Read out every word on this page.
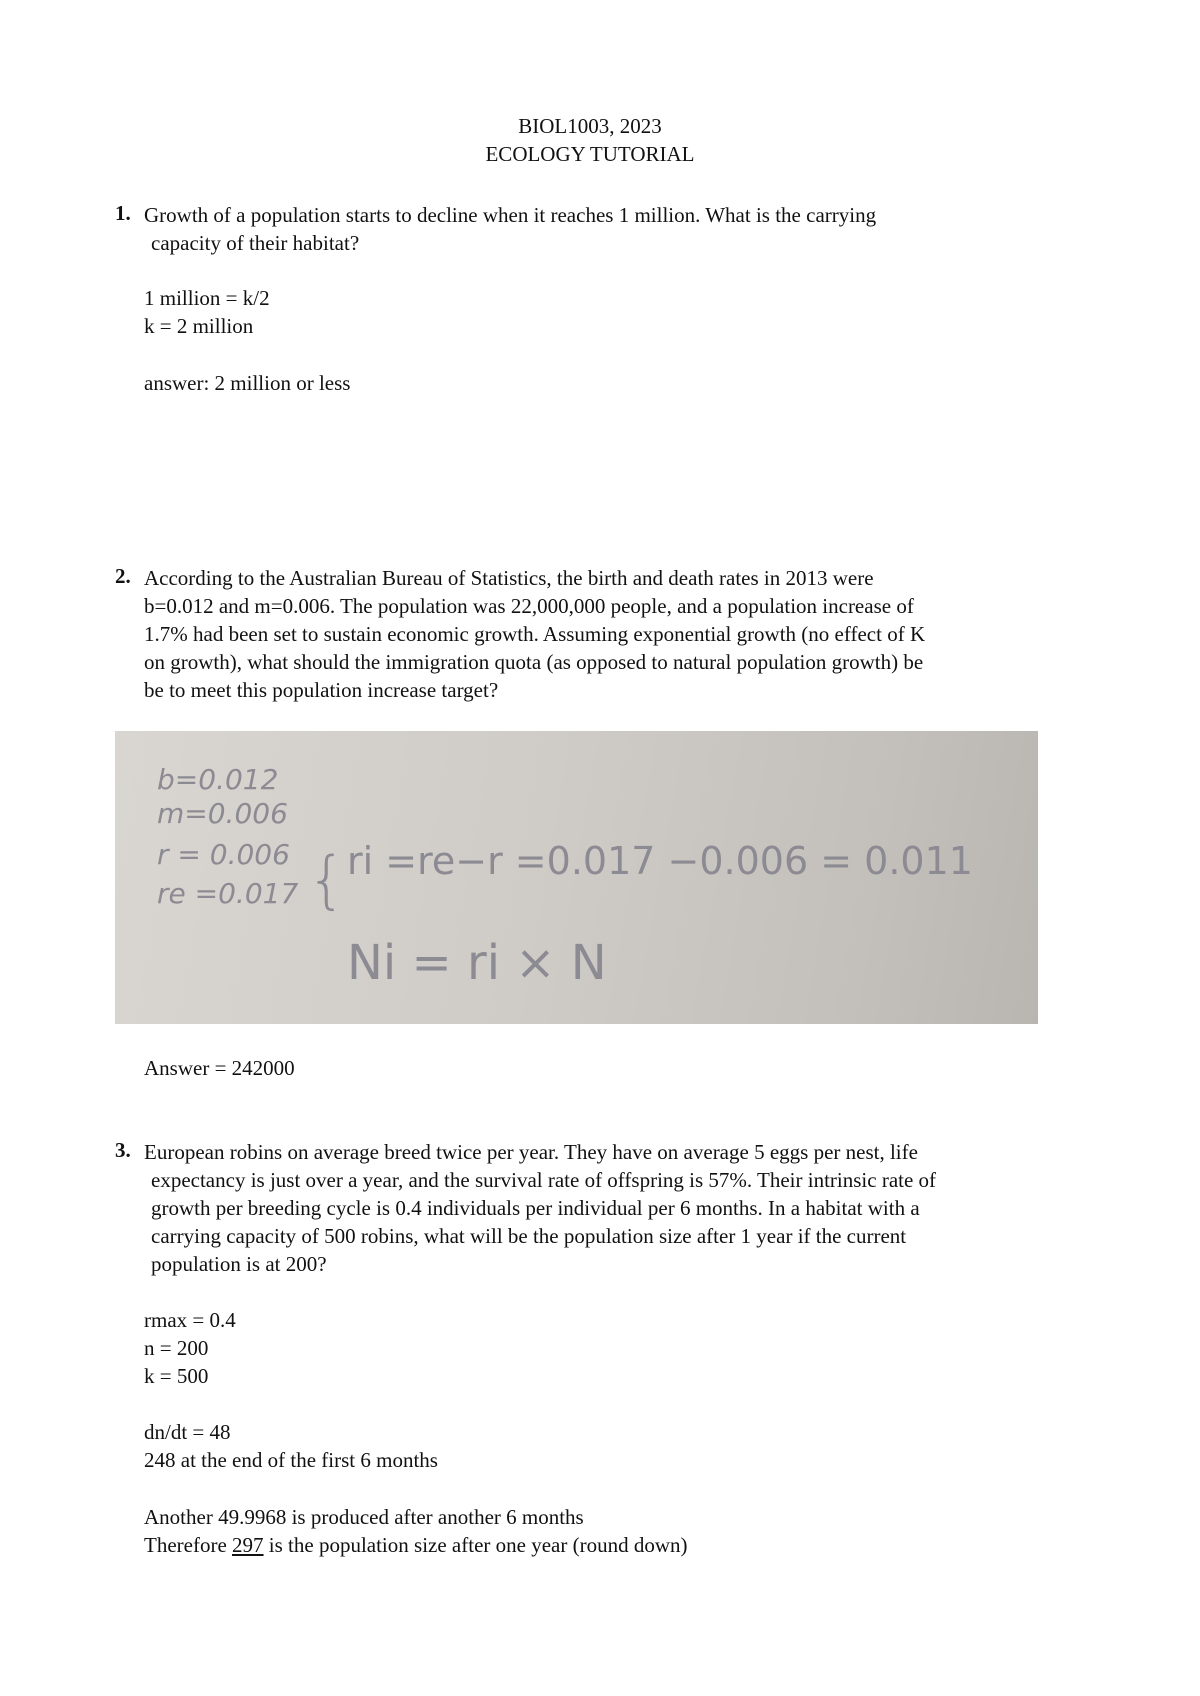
BIOL1003, 2023
ECOLOGY TUTORIAL
1. Growth of a population starts to decline when it reaches 1 million. What is the carrying
capacity of their habitat?
1 million = k/2
k = 2 million
answer: 2 million or less
2. According to the Australian Bureau of Statistics, the birth and death rates in 2013 were
b=0.012 and m=0.006. The population was 22,000,000 people, and a population increase of
1.7% had been set to sustain economic growth. Assuming exponential growth (no effect of K
on growth), what should the immigration quota (as opposed to natural population growth) be
be to meet this population increase target?
b=0.012
m=0.006
r = 0.006
re =0.017 { ri =re−r =0.017 −0.006 = 0.011
Ni = ri × N
Answer = 242000
3. European robins on average breed twice per year. They have on average 5 eggs per nest, life
expectancy is just over a year, and the survival rate of offspring is 57%. Their intrinsic rate of
growth per breeding cycle is 0.4 individuals per individual per 6 months. In a habitat with a
carrying capacity of 500 robins, what will be the population size after 1 year if the current
population is at 200?
rmax = 0.4
n = 200
k = 500
dn/dt = 48
248 at the end of the first 6 months
Another 49.9968 is produced after another 6 months
Therefore 297 is the population size after one year (round down)
